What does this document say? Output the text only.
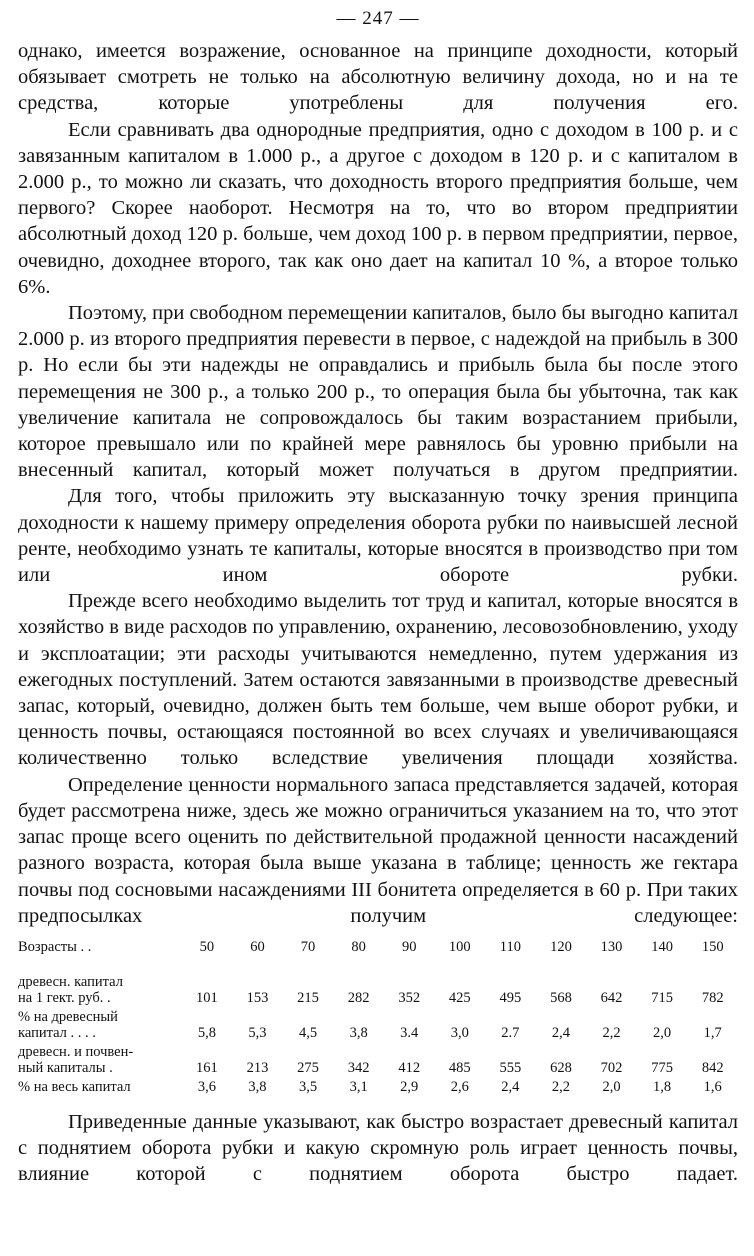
— 247 —

однако, имеется возражение, основанное на принципе доходности, который обязывает смотреть не только на абсолютную величину дохода, но и на те средства, которые употреблены для получения его.

Если сравнивать два однородные предприятия, одно с доходом в 100 р. и с завязанным капиталом в 1.000 р., а другое с доходом в 120 р. и с капиталом в 2.000 р., то можно ли сказать, что доходность второго предприятия больше, чем первого? Скорее наоборот. Несмотря на то, что во втором предприятии абсолютный доход 120 р. больше, чем доход 100 р. в первом предприятии, первое, очевидно, доходнее второго, так как оно дает на капитал 10 %, а второе только 6%.

Поэтому, при свободном перемещении капиталов, было бы выгодно капитал 2.000 р. из второго предприятия перевести в первое, с надеждой на прибыль в 300 р. Но если бы эти надежды не оправдались и прибыль была бы после этого перемещения не 300 р., а только 200 р., то операция была бы убыточна, так как увеличение капитала не сопровождалось бы таким возрастанием прибыли, которое превышало или по крайней мере равнялось бы уровню прибыли на внесенный капитал, который может получаться в другом предприятии.

Для того, чтобы приложить эту высказанную точку зрения принципа доходности к нашему примеру определения оборота рубки по наивысшей лесной ренте, необходимо узнать те капиталы, которые вносятся в производство при том или ином обороте рубки.

Прежде всего необходимо выделить тот труд и капитал, которые вносятся в хозяйство в виде расходов по управлению, охранению, лесовозобновлению, уходу и эксплоатации; эти расходы учитываются немедленно, путем удержания из ежегодных поступлений. Затем остаются завязанными в производстве древесный запас, который, очевидно, должен быть тем больше, чем выше оборот рубки, и ценность почвы, остающаяся постоянной во всех случаях и увеличивающаяся количественно только вследствие увеличения площади хозяйства.

Определение ценности нормального запаса представляется задачей, которая будет рассмотрена ниже, здесь же можно ограничиться указанием на то, что этот запас проще всего оценить по действительной продажной ценности насаждений разного возраста, которая была выше указана в таблице; ценность же гектара почвы под сосновыми насаждениями III бонитета определяется в 60 р. При таких предпосылках получим следующее:

Возрасты . .	50	60	70	80	90	100	110	120	130	140	150

древесн. капитал
на 1 гект. руб. .	101	153	215	282	352	425	495	568	642	715	782

% на древесный
капитал . . . .	5,8	5,3	4,5	3,8	3.4	3,0	2.7	2,4	2,2	2,0	1,7

древесн. и почвен-
ный капиталы .	161	213	275	342	412	485	555	628	702	775	842

% на весь капитал	3,6	3,8	3,5	3,1	2,9	2,6	2,4	2,2	2,0	1,8	1,6

Приведенные данные указывают, как быстро возрастает древесный капитал с поднятием оборота рубки и какую скромную роль играет ценность почвы, влияние которой с поднятием оборота быстро падает.
